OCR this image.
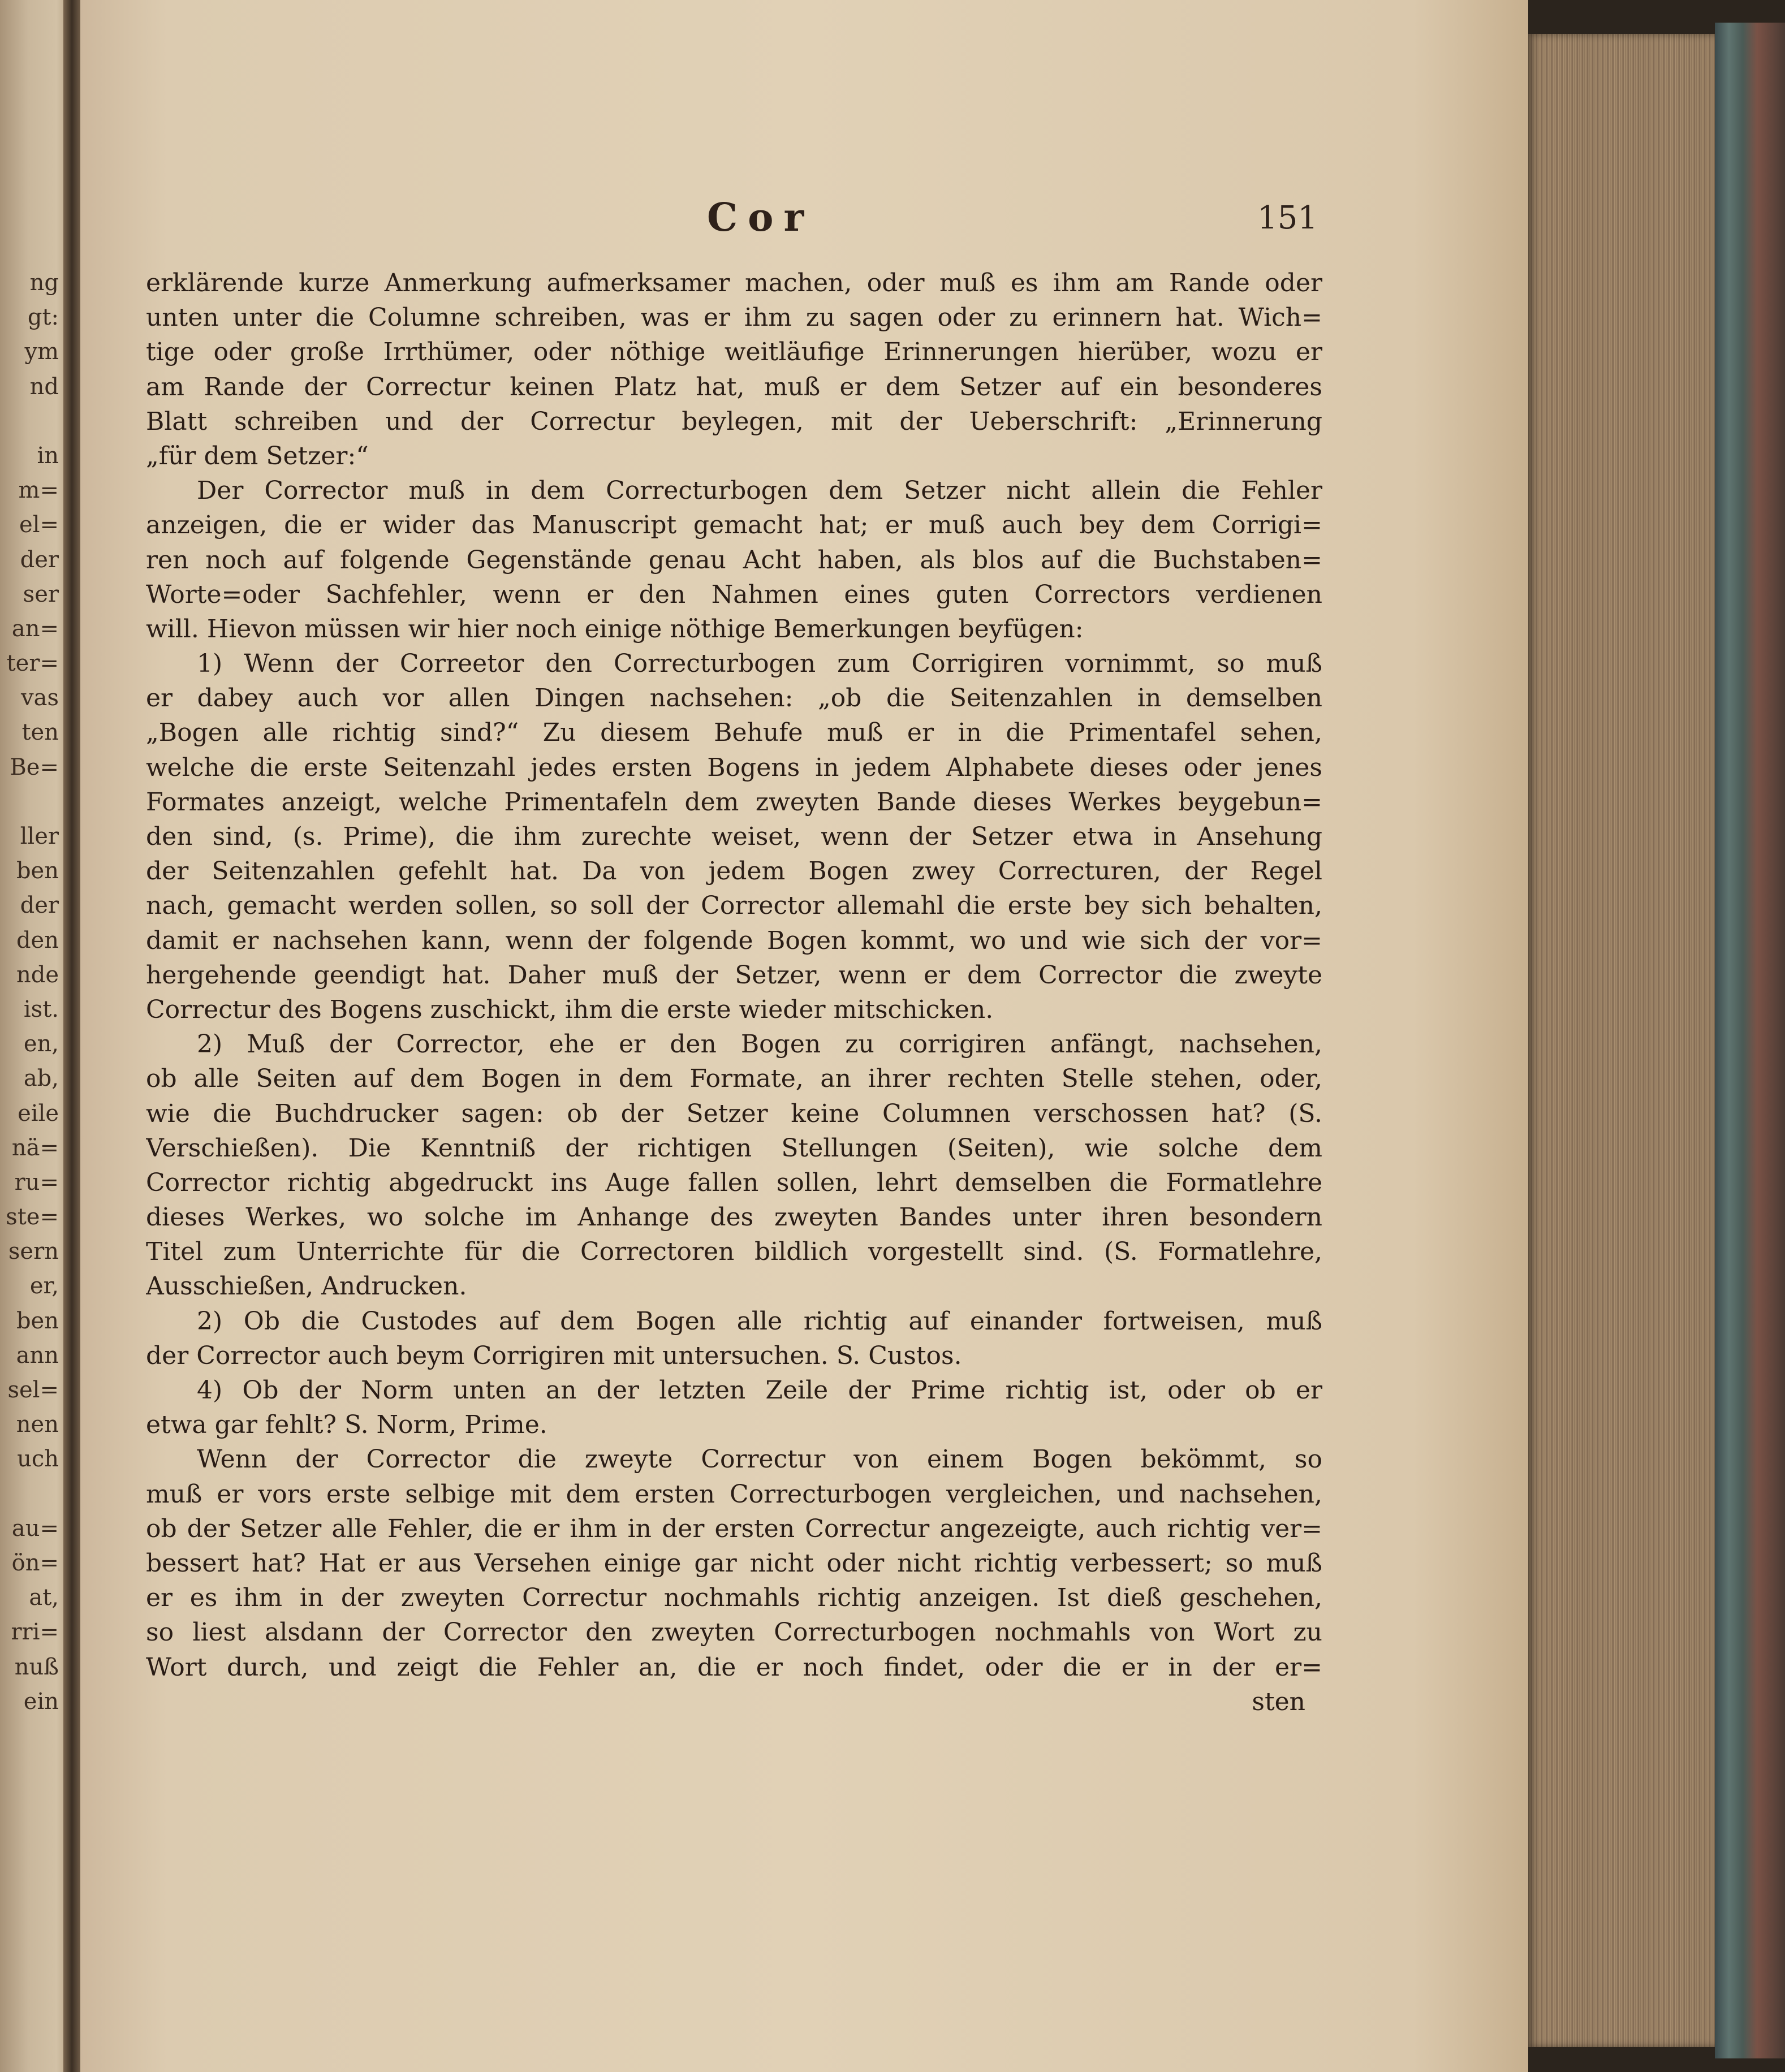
ng
gt:
ym
nd
in
m=
el=
der
ser
an=
ter=
vas
ten
Be=
ller
ben
der
den
nde
ist.
en,
ab,
eile
nä=
ru=
ste=
sern
er,
ben
ann
sel=
nen
uch
au=
ön=
at,
rri=
nuß
ein
Cor	151
erklärende kurze Anmerkung aufmerksamer machen, oder muß es ihm am Rande oder
unten unter die Columne schreiben, was er ihm zu sagen oder zu erinnern hat. Wich=
tige oder große Irrthümer, oder nöthige weitläufige Erinnerungen hierüber, wozu er
am Rande der Correctur keinen Platz hat, muß er dem Setzer auf ein besonderes
Blatt schreiben und der Correctur beylegen, mit der Ueberschrift: „Erinnerung
„für dem Setzer:“
Der Corrector muß in dem Correcturbogen dem Setzer nicht allein die Fehler
anzeigen, die er wider das Manuscript gemacht hat; er muß auch bey dem Corrigi=
ren noch auf folgende Gegenstände genau Acht haben, als blos auf die Buchstaben=
Worte=oder Sachfehler, wenn er den Nahmen eines guten Correctors verdienen
will. Hievon müssen wir hier noch einige nöthige Bemerkungen beyfügen:
1) Wenn der Correetor den Correcturbogen zum Corrigiren vornimmt, so muß
er dabey auch vor allen Dingen nachsehen: „ob die Seitenzahlen in demselben
„Bogen alle richtig sind?“ Zu diesem Behufe muß er in die Primentafel sehen,
welche die erste Seitenzahl jedes ersten Bogens in jedem Alphabete dieses oder jenes
Formates anzeigt, welche Primentafeln dem zweyten Bande dieses Werkes beygebun=
den sind, (s. Prime), die ihm zurechte weiset, wenn der Setzer etwa in Ansehung
der Seitenzahlen gefehlt hat. Da von jedem Bogen zwey Correcturen, der Regel
nach, gemacht werden sollen, so soll der Corrector allemahl die erste bey sich behalten,
damit er nachsehen kann, wenn der folgende Bogen kommt, wo und wie sich der vor=
hergehende geendigt hat. Daher muß der Setzer, wenn er dem Corrector die zweyte
Correctur des Bogens zuschickt, ihm die erste wieder mitschicken.
2) Muß der Corrector, ehe er den Bogen zu corrigiren anfängt, nachsehen,
ob alle Seiten auf dem Bogen in dem Formate, an ihrer rechten Stelle stehen, oder,
wie die Buchdrucker sagen: ob der Setzer keine Columnen verschossen hat? (S.
Verschießen). Die Kenntniß der richtigen Stellungen (Seiten), wie solche dem
Corrector richtig abgedruckt ins Auge fallen sollen, lehrt demselben die Formatlehre
dieses Werkes, wo solche im Anhange des zweyten Bandes unter ihren besondern
Titel zum Unterrichte für die Correctoren bildlich vorgestellt sind. (S. Formatlehre,
Ausschießen, Andrucken.
2) Ob die Custodes auf dem Bogen alle richtig auf einander fortweisen, muß
der Corrector auch beym Corrigiren mit untersuchen. S. Custos.
4) Ob der Norm unten an der letzten Zeile der Prime richtig ist, oder ob er
etwa gar fehlt? S. Norm, Prime.
Wenn der Corrector die zweyte Correctur von einem Bogen bekömmt, so
muß er vors erste selbige mit dem ersten Correcturbogen vergleichen, und nachsehen,
ob der Setzer alle Fehler, die er ihm in der ersten Correctur angezeigte, auch richtig ver=
bessert hat? Hat er aus Versehen einige gar nicht oder nicht richtig verbessert; so muß
er es ihm in der zweyten Correctur nochmahls richtig anzeigen. Ist dieß geschehen,
so liest alsdann der Corrector den zweyten Correcturbogen nochmahls von Wort zu
Wort durch, und zeigt die Fehler an, die er noch findet, oder die er in der er=
sten
